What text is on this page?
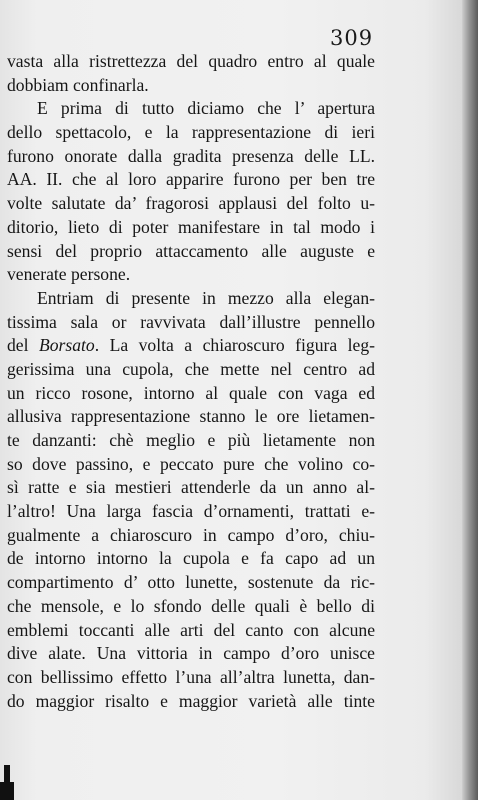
309
vasta alla ristrettezza del quadro entro al quale
dobbiam confinarla.
E prima di tutto diciamo che l’ apertura
dello spettacolo, e la rappresentazione di ieri
furono onorate dalla gradita presenza delle LL.
AA. II. che al loro apparire furono per ben tre
volte salutate da’ fragorosi applausi del folto u-
ditorio, lieto di poter manifestare in tal modo i
sensi del proprio attaccamento alle auguste e
venerate persone.
Entriam di presente in mezzo alla elegan-
tissima sala or ravvivata dall’illustre pennello
del Borsato. La volta a chiaroscuro figura leg-
gerissima una cupola, che mette nel centro ad
un ricco rosone, intorno al quale con vaga ed
allusiva rappresentazione stanno le ore lietamen-
te danzanti: chè meglio e più lietamente non
so dove passino, e peccato pure che volino co-
sì ratte e sia mestieri attenderle da un anno al-
l’altro! Una larga fascia d’ornamenti, trattati e-
gualmente a chiaroscuro in campo d’oro, chiu-
de intorno intorno la cupola e fa capo ad un
compartimento d’ otto lunette, sostenute da ric-
che mensole, e lo sfondo delle quali è bello di
emblemi toccanti alle arti del canto con alcune
dive alate. Una vittoria in campo d’oro unisce
con bellissimo effetto l’una all’altra lunetta, dan-
do maggior risalto e maggior varietà alle tinte
